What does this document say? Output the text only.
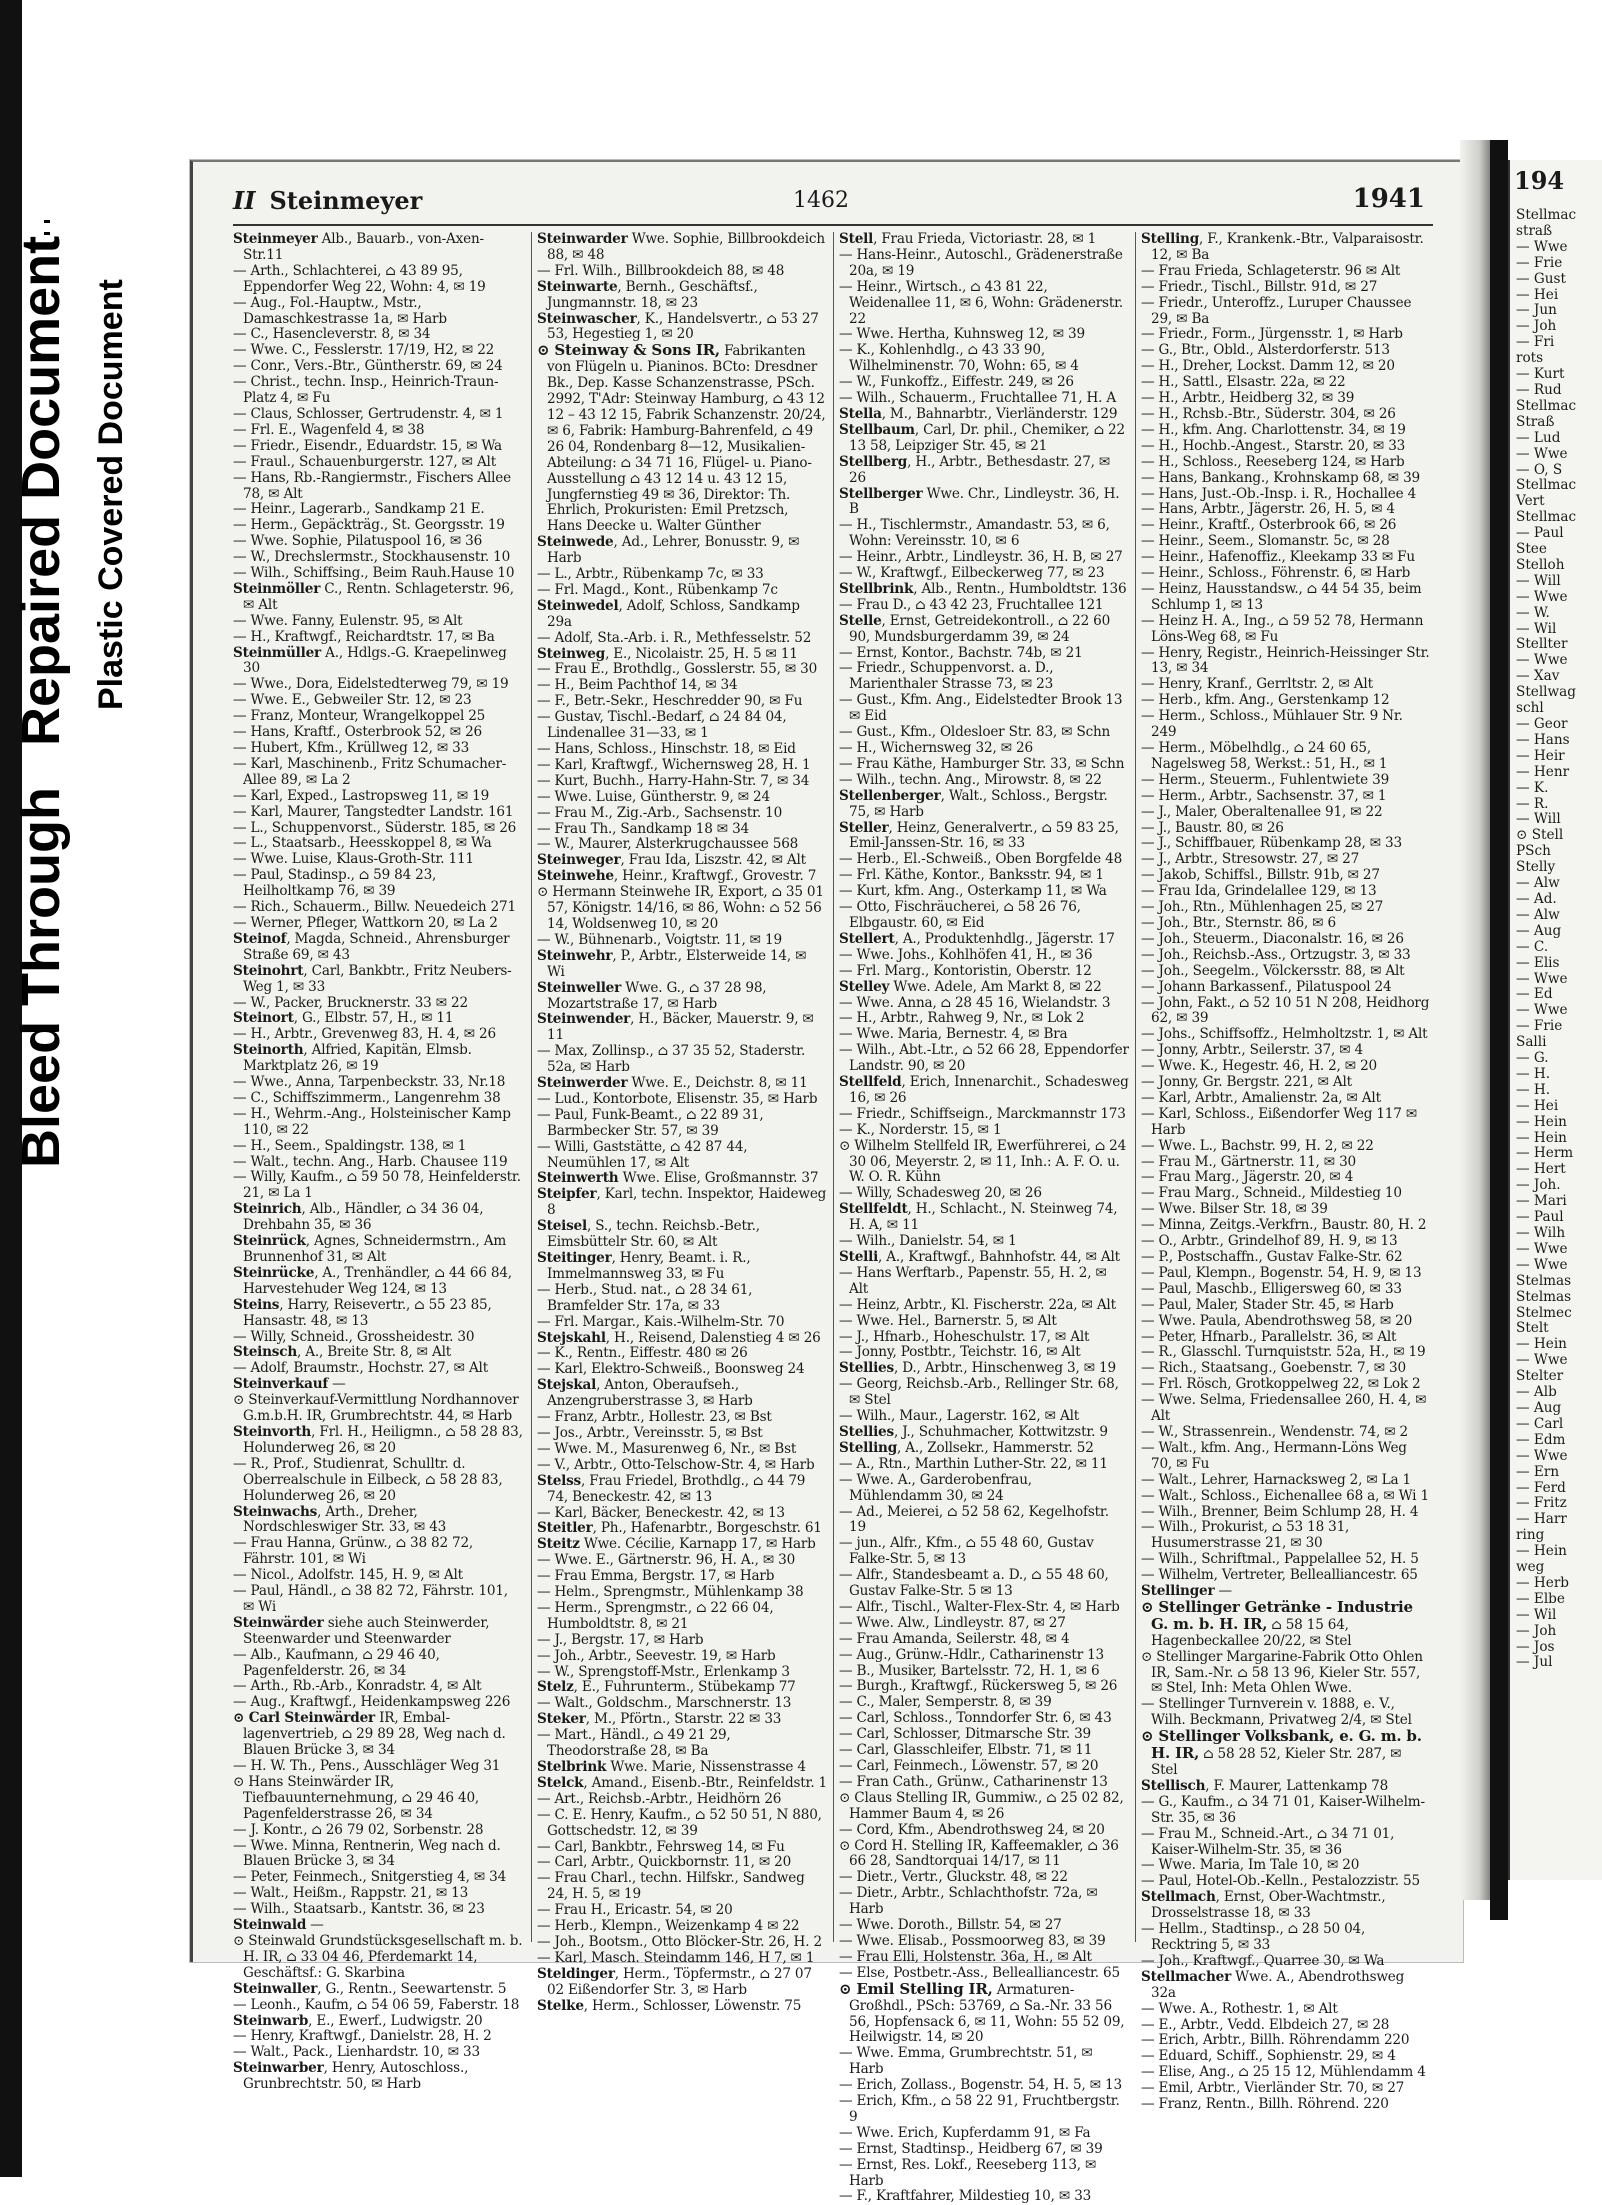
Bleed Through Repaired Document Plastic Covered Document
II Steinmeyer	1462	1941

Steinmeyer Alb., Bauarb., von-Axen-Str.11

— Arth., Schlachterei, ⌂ 43 89 95, Eppendorfer Weg 22, Wohn: 4, ✉ 19

— Aug., Fol.-Hauptw., Mstr., Damaschkestrasse 1a, ✉ Harb

— C., Hasencleverstr. 8, ✉ 34

— Wwe. C., Fesslerstr. 17/19, H2, ✉ 22

— Conr., Vers.-Btr., Güntherstr. 69, ✉ 24

— Christ., techn. Insp., Heinrich-Traun-Platz 4, ✉ Fu

— Claus, Schlosser, Gertrudenstr. 4, ✉ 1

— Frl. E., Wagenfeld 4, ✉ 38

— Friedr., Eisendr., Eduardstr. 15, ✉ Wa

— Fraul., Schauenburgerstr. 127, ✉ Alt

— Hans, Rb.-Rangiermstr., Fischers Allee 78, ✉ Alt

— Heinr., Lagerarb., Sandkamp 21 E.

— Herm., Gepäckträg., St. Georgsstr. 19

— Wwe. Sophie, Pilatuspool 16, ✉ 36

— W., Drechslermstr., Stockhausenstr. 10

— Wilh., Schiffsing., Beim Rauh.Hause 10

Steinmöller C., Rentn. Schlageterstr. 96, ✉ Alt

— Wwe. Fanny, Eulenstr. 95, ✉ Alt

— H., Kraftwgf., Reichardtstr. 17, ✉ Ba

Steinmüller A., Hdlgs.-G. Kraepelinweg 30

— Wwe., Dora, Eidelstedterweg 79, ✉ 19

— Wwe. E., Gebweiler Str. 12, ✉ 23

— Franz, Monteur, Wrangelkoppel 25

— Hans, Kraftf., Osterbrook 52, ✉ 26

— Hubert, Kfm., Krüllweg 12, ✉ 33

— Karl, Maschinenb., Fritz Schumacher-Allee 89, ✉ La 2

— Karl, Exped., Lastropsweg 11, ✉ 19

— Karl, Maurer, Tangstedter Landstr. 161

— L., Schuppenvorst., Süderstr. 185, ✉ 26

— L., Staatsarb., Heesskoppel 8, ✉ Wa

— Wwe. Luise, Klaus-Groth-Str. 111

— Paul, Stadinsp., ⌂ 59 84 23, Heilholtkamp 76, ✉ 39

— Rich., Schauerm., Billw. Neuedeich 271

— Werner, Pfleger, Wattkorn 20, ✉ La 2

Steinof, Magda, Schneid., Ahrensburger Straße 69, ✉ 43

Steinohrt, Carl, Bankbtr., Fritz Neubers-Weg 1, ✉ 33

— W., Packer, Brucknerstr. 33 ✉ 22

Steinort, G., Elbstr. 57, H., ✉ 11

— H., Arbtr., Grevenweg 83, H. 4, ✉ 26

Steinorth, Alfried, Kapitän, Elmsb. Marktplatz 26, ✉ 19

— Wwe., Anna, Tarpenbeckstr. 33, Nr.18

— C., Schiffszimmerm., Langenrehm 38

— H., Wehrm.-Ang., Holsteinischer Kamp 110, ✉ 22

— H., Seem., Spaldingstr. 138, ✉ 1

— Walt., techn. Ang., Harb. Chausee 119

— Willy, Kaufm., ⌂ 59 50 78, Heinfelderstr. 21, ✉ La 1

Steinrich, Alb., Händler, ⌂ 34 36 04, Drehbahn 35, ✉ 36

Steinrück, Agnes, Schneidermstrn., Am Brunnenhof 31, ✉ Alt

Steinrücke, A., Trenhändler, ⌂ 44 66 84, Harvestehuder Weg 124, ✉ 13

Steins, Harry, Reisevertr., ⌂ 55 23 85, Hansastr. 48, ✉ 13

— Willy, Schneid., Grossheidestr. 30

Steinsch, A., Breite Str. 8, ✉ Alt

— Adolf, Braumstr., Hochstr. 27, ✉ Alt

Steinverkauf —

⊙ Steinverkauf-Vermittlung Nordhannover G.m.b.H. IR, Grumbrechtstr. 44, ✉ Harb

Steinvorth, Frl. H., Heiligmn., ⌂ 58 28 83, Holunderweg 26, ✉ 20

— R., Prof., Studienrat, Schulltr. d. Oberrealschule in Eilbeck, ⌂ 58 28 83, Holunderweg 26, ✉ 20

Steinwachs, Arth., Dreher, Nordschleswiger Str. 33, ✉ 43

— Frau Hanna, Grünw., ⌂ 38 82 72, Fährstr. 101, ✉ Wi

— Nicol., Adolfstr. 145, H. 9, ✉ Alt

— Paul, Händl., ⌂ 38 82 72, Fährstr. 101, ✉ Wi

Steinwärder siehe auch Steinwerder, Steenwarder und Steenwarder

— Alb., Kaufmann, ⌂ 29 46 40, Pagenfelderstr. 26, ✉ 34

— Arth., Rb.-Arb., Konradstr. 4, ✉ Alt

— Aug., Kraftwgf., Heidenkampsweg 226

⊙ Carl Steinwärder IR, Embal-lagenvertrieb, ⌂ 29 89 28, Weg nach d. Blauen Brücke 3, ✉ 34

— H. W. Th., Pens., Ausschläger Weg 31

⊙ Hans Steinwärder IR, Tiefbauunternehmung, ⌂ 29 46 40, Pagenfelderstrasse 26, ✉ 34

— J. Kontr., ⌂ 26 79 02, Sorbenstr. 28

— Wwe. Minna, Rentnerin, Weg nach d. Blauen Brücke 3, ✉ 34

— Peter, Feinmech., Snitgerstieg 4, ✉ 34

— Walt., Heißm., Rappstr. 21, ✉ 13

— Wilh., Staatsarb., Kantstr. 36, ✉ 23

Steinwald —

⊙ Steinwald Grundstücksgesellschaft m. b. H. IR, ⌂ 33 04 46, Pferdemarkt 14, Geschäftsf.: G. Skarbina

Steinwaller, G., Rentn., Seewartenstr. 5

— Leonh., Kaufm, ⌂ 54 06 59, Faberstr. 18

Steinwarb, E., Ewerf., Ludwigstr. 20

— Henry, Kraftwgf., Danielstr. 28, H. 2

— Walt., Pack., Lienhardstr. 10, ✉ 33

Steinwarber, Henry, Autoschloss., Grunbrechtstr. 50, ✉ Harb

Steinwarder Wwe. Sophie, Billbrookdeich 88, ✉ 48

— Frl. Wilh., Billbrookdeich 88, ✉ 48

Steinwarte, Bernh., Geschäftsf., Jungmannstr. 18, ✉ 23

Steinwascher, K., Handelsvertr., ⌂ 53 27 53, Hegestieg 1, ✉ 20

⊙ Steinway & Sons IR, Fabrikanten von Flügeln u. Pianinos. BCto: Dresdner Bk., Dep. Kasse Schanzenstrasse, PSch. 2992, T'Adr: Steinway Hamburg, ⌂ 43 12 12 – 43 12 15, Fabrik Schanzenstr. 20/24, ✉ 6, Fabrik: Hamburg-Bahrenfeld, ⌂ 49 26 04, Rondenbarg 8—12, Musikalien-Abteilung: ⌂ 34 71 16, Flügel- u. Piano-Ausstellung ⌂ 43 12 14 u. 43 12 15, Jungfernstieg 49 ✉ 36, Direktor: Th. Ehrlich, Prokuristen: Emil Pretzsch, Hans Deecke u. Walter Günther

Steinwede, Ad., Lehrer, Bonusstr. 9, ✉ Harb

— L., Arbtr., Rübenkamp 7c, ✉ 33

— Frl. Magd., Kont., Rübenkamp 7c

Steinwedel, Adolf, Schloss, Sandkamp 29a

— Adolf, Sta.-Arb. i. R., Methfesselstr. 52

Steinweg, E., Nicolaistr. 25, H. 5 ✉ 11

— Frau E., Brothdlg., Gosslerstr. 55, ✉ 30

— H., Beim Pachthof 14, ✉ 34

— F., Betr.-Sekr., Heschredder 90, ✉ Fu

— Gustav, Tischl.-Bedarf, ⌂ 24 84 04, Lindenallee 31—33, ✉ 1

— Hans, Schloss., Hinschstr. 18, ✉ Eid

— Karl, Kraftwgf., Wichernsweg 28, H. 1

— Kurt, Buchh., Harry-Hahn-Str. 7, ✉ 34

— Wwe. Luise, Güntherstr. 9, ✉ 24

— Frau M., Zig.-Arb., Sachsenstr. 10

— Frau Th., Sandkamp 18 ✉ 34

— W., Maurer, Alsterkrugchaussee 568

Steinweger, Frau Ida, Liszstr. 42, ✉ Alt

Steinwehe, Heinr., Kraftwgf., Grovestr. 7

⊙ Hermann Steinwehe IR, Export, ⌂ 35 01 57, Königstr. 14/16, ✉ 86, Wohn: ⌂ 52 56 14, Woldsenweg 10, ✉ 20

— W., Bühnenarb., Voigtstr. 11, ✉ 19

Steinwehr, P., Arbtr., Elsterweide 14, ✉ Wi

Steinweller Wwe. G., ⌂ 37 28 98, Mozartstraße 17, ✉ Harb

Steinwender, H., Bäcker, Mauerstr. 9, ✉ 11

— Max, Zollinsp., ⌂ 37 35 52, Staderstr. 52a, ✉ Harb

Steinwerder Wwe. E., Deichstr. 8, ✉ 11

— Lud., Kontorbote, Elisenstr. 35, ✉ Harb

— Paul, Funk-Beamt., ⌂ 22 89 31, Barmbecker Str. 57, ✉ 39

— Willi, Gaststätte, ⌂ 42 87 44, Neumühlen 17, ✉ Alt

Steinwerth Wwe. Elise, Großmannstr. 37

Steipfer, Karl, techn. Inspektor, Haideweg 8

Steisel, S., techn. Reichsb.-Betr., Eimsbüttelr Str. 60, ✉ Alt

Steitinger, Henry, Beamt. i. R., Immelmannsweg 33, ✉ Fu

— Herb., Stud. nat., ⌂ 28 34 61, Bramfelder Str. 17a, ✉ 33

— Frl. Margar., Kais.-Wilhelm-Str. 70

Stejskahl, H., Reisend, Dalenstieg 4 ✉ 26

— K., Rentn., Eiffestr. 480 ✉ 26

— Karl, Elektro-Schweiß., Boonsweg 24

Stejskal, Anton, Oberaufseh., Anzengruberstrasse 3, ✉ Harb

— Franz, Arbtr., Hollestr. 23, ✉ Bst

— Jos., Arbtr., Vereinsstr. 5, ✉ Bst

— Wwe. M., Masurenweg 6, Nr., ✉ Bst

— V., Arbtr., Otto-Telschow-Str. 4, ✉ Harb

Stelss, Frau Friedel, Brothdlg., ⌂ 44 79 74, Beneckestr. 42, ✉ 13

— Karl, Bäcker, Beneckestr. 42, ✉ 13

Steitler, Ph., Hafenarbtr., Borgeschstr. 61

Steitz Wwe. Cécilie, Karnapp 17, ✉ Harb

— Wwe. E., Gärtnerstr. 96, H. A., ✉ 30

— Frau Emma, Bergstr. 17, ✉ Harb

— Helm., Sprengmstr., Mühlenkamp 38

— Herm., Sprengmstr., ⌂ 22 66 04, Humboldtstr. 8, ✉ 21

— J., Bergstr. 17, ✉ Harb

— Joh., Arbtr., Seevestr. 19, ✉ Harb

— W., Sprengstoff-Mstr., Erlenkamp 3

Stelz, E., Fuhrunterm., Stübekamp 77

— Walt., Goldschm., Marschnerstr. 13

Steker, M., Pförtn., Starstr. 22 ✉ 33

— Mart., Händl., ⌂ 49 21 29, Theodorstraße 28, ✉ Ba

Stelbrink Wwe. Marie, Nissenstrasse 4

Stelck, Amand., Eisenb.-Btr., Reinfeldstr. 1

— Art., Reichsb.-Arbtr., Heidhörn 26

— C. E. Henry, Kaufm., ⌂ 52 50 51, N 880, Gottschedstr. 12, ✉ 39

— Carl, Bankbtr., Fehrsweg 14, ✉ Fu

— Carl, Arbtr., Quickbornstr. 11, ✉ 20

— Frau Charl., techn. Hilfskr., Sandweg 24, H. 5, ✉ 19

— Frau H., Ericastr. 54, ✉ 20

— Herb., Klempn., Weizenkamp 4 ✉ 22

— Joh., Bootsm., Otto Blöcker-Str. 26, H. 2

— Karl, Masch. Steindamm 146, H 7, ✉ 1

Steldinger, Herm., Töpfermstr., ⌂ 27 07 02 Eißendorfer Str. 3, ✉ Harb

Stelke, Herm., Schlosser, Löwenstr. 75

Stell, Frau Frieda, Victoriastr. 28, ✉ 1

— Hans-Heinr., Autoschl., Grädenerstraße 20a, ✉ 19

— Heinr., Wirtsch., ⌂ 43 81 22, Weidenallee 11, ✉ 6, Wohn: Grädenerstr. 22

— Wwe. Hertha, Kuhnsweg 12, ✉ 39

— K., Kohlenhdlg., ⌂ 43 33 90, Wilhelminenstr. 70, Wohn: 65, ✉ 4

— W., Funkoffz., Eiffestr. 249, ✉ 26

— Wilh., Schauerm., Fruchtallee 71, H. A

Stella, M., Bahnarbtr., Vierländerstr. 129

Stellbaum, Carl, Dr. phil., Chemiker, ⌂ 22 13 58, Leipziger Str. 45, ✉ 21

Stellberg, H., Arbtr., Bethesdastr. 27, ✉ 26

Stellberger Wwe. Chr., Lindleystr. 36, H. B

— H., Tischlermstr., Amandastr. 53, ✉ 6, Wohn: Vereinsstr. 10, ✉ 6

— Heinr., Arbtr., Lindleystr. 36, H. B, ✉ 27

— W., Kraftwgf., Eilbeckerweg 77, ✉ 23

Stellbrink, Alb., Rentn., Humboldtstr. 136

— Frau D., ⌂ 43 42 23, Fruchtallee 121

Stelle, Ernst, Getreidekontroll., ⌂ 22 60 90, Mundsburgerdamm 39, ✉ 24

— Ernst, Kontor., Bachstr. 74b, ✉ 21

— Friedr., Schuppenvorst. a. D., Marienthaler Strasse 73, ✉ 23

— Gust., Kfm. Ang., Eidelstedter Brook 13 ✉ Eid

— Gust., Kfm., Oldesloer Str. 83, ✉ Schn

— H., Wichernsweg 32, ✉ 26

— Frau Käthe, Hamburger Str. 33, ✉ Schn

— Wilh., techn. Ang., Mirowstr. 8, ✉ 22

Stellenberger, Walt., Schloss., Bergstr. 75, ✉ Harb

Steller, Heinz, Generalvertr., ⌂ 59 83 25, Emil-Janssen-Str. 16, ✉ 33

— Herb., El.-Schweiß., Oben Borgfelde 48

— Frl. Käthe, Kontor., Banksstr. 94, ✉ 1

— Kurt, kfm. Ang., Osterkamp 11, ✉ Wa

— Otto, Fischräucherei, ⌂ 58 26 76, Elbgaustr. 60, ✉ Eid

Stellert, A., Produktenhdlg., Jägerstr. 17

— Wwe. Johs., Kohlhöfen 41, H., ✉ 36

— Frl. Marg., Kontoristin, Oberstr. 12

Stelley Wwe. Adele, Am Markt 8, ✉ 22

— Wwe. Anna, ⌂ 28 45 16, Wielandstr. 3

— H., Arbtr., Rahweg 9, Nr., ✉ Lok 2

— Wwe. Maria, Bernestr. 4, ✉ Bra

— Wilh., Abt.-Ltr., ⌂ 52 66 28, Eppendorfer Landstr. 90, ✉ 20

Stellfeld, Erich, Innenarchit., Schadesweg 16, ✉ 26

— Friedr., Schiffseign., Marckmannstr 173

— K., Norderstr. 15, ✉ 1

⊙ Wilhelm Stellfeld IR, Ewerführerei, ⌂ 24 30 06, Meyerstr. 2, ✉ 11, Inh.: A. F. O. u. W. O. R. Kühn

— Willy, Schadesweg 20, ✉ 26

Stellfeldt, H., Schlacht., N. Steinweg 74, H. A, ✉ 11

— Wilh., Danielstr. 54, ✉ 1

Stelli, A., Kraftwgf., Bahnhofstr. 44, ✉ Alt

— Hans Werftarb., Papenstr. 55, H. 2, ✉ Alt

— Heinz, Arbtr., Kl. Fischerstr. 22a, ✉ Alt

— Wwe. Hel., Barnerstr. 5, ✉ Alt

— J., Hfnarb., Hoheschulstr. 17, ✉ Alt

— Jonny, Postbtr., Teichstr. 16, ✉ Alt

Stellies, D., Arbtr., Hinschenweg 3, ✉ 19

— Georg, Reichsb.-Arb., Rellinger Str. 68, ✉ Stel

— Wilh., Maur., Lagerstr. 162, ✉ Alt

Stellies, J., Schuhmacher, Kottwitzstr. 9

Stelling, A., Zollsekr., Hammerstr. 52

— A., Rtn., Marthin Luther-Str. 22, ✉ 11

— Wwe. A., Garderobenfrau, Mühlendamm 30, ✉ 24

— Ad., Meierei, ⌂ 52 58 62, Kegelhofstr. 19

— jun., Alfr., Kfm., ⌂ 55 48 60, Gustav Falke-Str. 5, ✉ 13

— Alfr., Standesbeamt a. D., ⌂ 55 48 60, Gustav Falke-Str. 5 ✉ 13

— Alfr., Tischl., Walter-Flex-Str. 4, ✉ Harb

— Wwe. Alw., Lindleystr. 87, ✉ 27

— Frau Amanda, Seilerstr. 48, ✉ 4

— Aug., Grünw.-Hdlr., Catharinenstr 13

— B., Musiker, Bartelsstr. 72, H. 1, ✉ 6

— Burgh., Kraftwgf., Rückersweg 5, ✉ 26

— C., Maler, Semperstr. 8, ✉ 39

— Carl, Schloss., Tonndorfer Str. 6, ✉ 43

— Carl, Schlosser, Ditmarsche Str. 39

— Carl, Glasschleifer, Elbstr. 71, ✉ 11

— Carl, Feinmech., Löwenstr. 57, ✉ 20

— Fran Cath., Grünw., Catharinenstr 13

⊙ Claus Stelling IR, Gummiw., ⌂ 25 02 82, Hammer Baum 4, ✉ 26

— Cord, Kfm., Abendrothsweg 24, ✉ 20

⊙ Cord H. Stelling IR, Kaffeemakler, ⌂ 36 66 28, Sandtorquai 14/17, ✉ 11

— Dietr., Vertr., Gluckstr. 48, ✉ 22

— Dietr., Arbtr., Schlachthofstr. 72a, ✉ Harb

— Wwe. Doroth., Billstr. 54, ✉ 27

— Wwe. Elisab., Possmoorweg 83, ✉ 39

— Frau Elli, Holstenstr. 36a, H., ✉ Alt

— Else, Postbetr.-Ass., Bellealliancestr. 65

⊙ Emil Stelling IR, Armaturen-Großhdl., PSch: 53769, ⌂ Sa.-Nr. 33 56 56, Hopfensack 6, ✉ 11, Wohn: 55 52 09, Heilwigstr. 14, ✉ 20

— Wwe. Emma, Grumbrechtstr. 51, ✉ Harb

— Erich, Zollass., Bogenstr. 54, H. 5, ✉ 13

— Erich, Kfm., ⌂ 58 22 91, Fruchtbergstr. 9

— Wwe. Erich, Kupferdamm 91, ✉ Fa

— Ernst, Stadtinsp., Heidberg 67, ✉ 39

— Ernst, Res. Lokf., Reeseberg 113, ✉ Harb

— F., Kraftfahrer, Mildestieg 10, ✉ 33

Stelling, F., Krankenk.-Btr., Valparaisostr. 12, ✉ Ba

— Frau Frieda, Schlageterstr. 96 ✉ Alt

— Friedr., Tischl., Billstr. 91d, ✉ 27

— Friedr., Unteroffz., Luruper Chaussee 29, ✉ Ba

— Friedr., Form., Jürgensstr. 1, ✉ Harb

— G., Btr., Obld., Alsterdorferstr. 513

— H., Dreher, Lockst. Damm 12, ✉ 20

— H., Sattl., Elsastr. 22a, ✉ 22

— H., Arbtr., Heidberg 32, ✉ 39

— H., Rchsb.-Btr., Süderstr. 304, ✉ 26

— H., kfm. Ang. Charlottenstr. 34, ✉ 19

— H., Hochb.-Angest., Starstr. 20, ✉ 33

— H., Schloss., Reeseberg 124, ✉ Harb

— Hans, Bankang., Krohnskamp 68, ✉ 39

— Hans, Just.-Ob.-Insp. i. R., Hochallee 4

— Hans, Arbtr., Jägerstr. 26, H. 5, ✉ 4

— Heinr., Kraftf., Osterbrook 66, ✉ 26

— Heinr., Seem., Slomanstr. 5c, ✉ 28

— Heinr., Hafenoffiz., Kleekamp 33 ✉ Fu

— Heinr., Schloss., Föhrenstr. 6, ✉ Harb

— Heinz, Hausstandsw., ⌂ 44 54 35, beim Schlump 1, ✉ 13

— Heinz H. A., Ing., ⌂ 59 52 78, Hermann Löns-Weg 68, ✉ Fu

— Henry, Registr., Heinrich-Heissinger Str. 13, ✉ 34

— Henry, Kranf., Gerrltstr. 2, ✉ Alt

— Herb., kfm. Ang., Gerstenkamp 12

— Herm., Schloss., Mühlauer Str. 9 Nr. 249

— Herm., Möbelhdlg., ⌂ 24 60 65, Nagelsweg 58, Werkst.: 51, H., ✉ 1

— Herm., Steuerm., Fuhlentwiete 39

— Herm., Arbtr., Sachsenstr. 37, ✉ 1

— J., Maler, Oberaltenallee 91, ✉ 22

— J., Baustr. 80, ✉ 26

— J., Schiffbauer, Rübenkamp 28, ✉ 33

— J., Arbtr., Stresowstr. 27, ✉ 27

— Jakob, Schiffsl., Billstr. 91b, ✉ 27

— Frau Ida, Grindelallee 129, ✉ 13

— Joh., Rtn., Mühlenhagen 25, ✉ 27

— Joh., Btr., Sternstr. 86, ✉ 6

— Joh., Steuerm., Diaconalstr. 16, ✉ 26

— Joh., Reichsb.-Ass., Ortzugstr. 3, ✉ 33

— Joh., Seegelm., Völckersstr. 88, ✉ Alt

— Johann Barkassenf., Pilatuspool 24

— John, Fakt., ⌂ 52 10 51 N 208, Heidhorg 62, ✉ 39

— Johs., Schiffsoffz., Helmholtzstr. 1, ✉ Alt

— Jonny, Arbtr., Seilerstr. 37, ✉ 4

— Wwe. K., Hegestr. 46, H. 2, ✉ 20

— Jonny, Gr. Bergstr. 221, ✉ Alt

— Karl, Arbtr., Amalienstr. 2a, ✉ Alt

— Karl, Schloss., Eißendorfer Weg 117 ✉ Harb

— Wwe. L., Bachstr. 99, H. 2, ✉ 22

— Frau M., Gärtnerstr. 11, ✉ 30

— Frau Marg., Jägerstr. 20, ✉ 4

— Frau Marg., Schneid., Mildestieg 10

— Wwe. Bilser Str. 18, ✉ 39

— Minna, Zeitgs.-Verkfrn., Baustr. 80, H. 2

— O., Arbtr., Grindelhof 89, H. 9, ✉ 13

— P., Postschaffn., Gustav Falke-Str. 62

— Paul, Klempn., Bogenstr. 54, H. 9, ✉ 13

— Paul, Maschb., Elligersweg 60, ✉ 33

— Paul, Maler, Stader Str. 45, ✉ Harb

— Wwe. Paula, Abendrothsweg 58, ✉ 20

— Peter, Hfnarb., Parallelstr. 36, ✉ Alt

— R., Glasschl. Turnquiststr. 52a, H., ✉ 19

— Rich., Staatsang., Goebenstr. 7, ✉ 30

— Frl. Rösch, Grotkoppelweg 22, ✉ Lok 2

— Wwe. Selma, Friedensallee 260, H. 4, ✉ Alt

— W., Strassenrein., Wendenstr. 74, ✉ 2

— Walt., kfm. Ang., Hermann-Löns Weg 70, ✉ Fu

— Walt., Lehrer, Harnacksweg 2, ✉ La 1

— Walt., Schloss., Eichenallee 68 a, ✉ Wi 1

— Wilh., Brenner, Beim Schlump 28, H. 4

— Wilh., Prokurist, ⌂ 53 18 31, Husumerstrasse 21, ✉ 30

— Wilh., Schriftmal., Pappelallee 52, H. 5

— Wilhelm, Vertreter, Bellealliancestr. 65

Stellinger —

⊙ Stellinger Getränke - Industrie G. m. b. H. IR, ⌂ 58 15 64, Hagenbeckallee 20/22, ✉ Stel

⊙ Stellinger Margarine-Fabrik Otto Ohlen IR, Sam.-Nr. ⌂ 58 13 96, Kieler Str. 557, ✉ Stel, Inh: Meta Ohlen Wwe.

— Stellinger Turnverein v. 1888, e. V., Wilh. Beckmann, Privatweg 2/4, ✉ Stel

⊙ Stellinger Volksbank, e. G. m. b. H. IR, ⌂ 58 28 52, Kieler Str. 287, ✉ Stel

Stellisch, F. Maurer, Lattenkamp 78

— G., Kaufm., ⌂ 34 71 01, Kaiser-Wilhelm-Str. 35, ✉ 36

— Frau M., Schneid.-Art., ⌂ 34 71 01, Kaiser-Wilhelm-Str. 35, ✉ 36

— Wwe. Maria, Im Tale 10, ✉ 20

— Paul, Hotel-Ob.-Kelln., Pestalozzistr. 55

Stellmach, Ernst, Ober-Wachtmstr., Drosselstrasse 18, ✉ 33

— Hellm., Stadtinsp., ⌂ 28 50 04, Recktring 5, ✉ 33

— Joh., Kraftwgf., Quarree 30, ✉ Wa

Stellmacher Wwe. A., Abendrothsweg 32a

— Wwe. A., Rothestr. 1, ✉ Alt

— E., Arbtr., Vedd. Elbdeich 27, ✉ 28

— Erich, Arbtr., Billh. Röhrendamm 220

— Eduard, Schiff., Sophienstr. 29, ✉ 4

— Elise, Ang., ⌂ 25 15 12, Mühlendamm 4

— Emil, Arbtr., Vierländer Str. 70, ✉ 27

— Franz, Rentn., Billh. Röhrend. 220

194
Stellmac
straß
— Wwe
— Frie
— Gust
— Hei
— Jun
— Joh
— Fri
rots
— Kurt
— Rud
Stellmac
Straß
— Lud
— Wwe
— O, S
Stellmac
Vert
Stellmac
— Paul
Stee
Stelloh
— Will
— Wwe
— W.
— Wil
Stellter
— Wwe
— Xav
Stellwag
schl
— Geor
— Hans
— Heir
— Henr
— K.
— R.
— Will
⊙ Stell
PSch
Stelly
— Alw
— Ad.
— Alw
— Aug
— C.
— Elis
— Wwe
— Ed
— Wwe
— Frie
Salli
— G.
— H.
— H.
— Hei
— Hein
— Hein
— Herm
— Hert
— Joh.
— Mari
— Paul
— Wilh
— Wwe
— Wwe
Stelmas
Stelmas
Stelmec
Stelt
— Hein
— Wwe
Stelter
— Alb
— Aug
— Carl
— Edm
— Wwe
— Ern
— Ferd
— Fritz
— Harr
ring
— Hein
weg
— Herb
— Elbe
— Wil
— Joh
— Jos
— Jul
